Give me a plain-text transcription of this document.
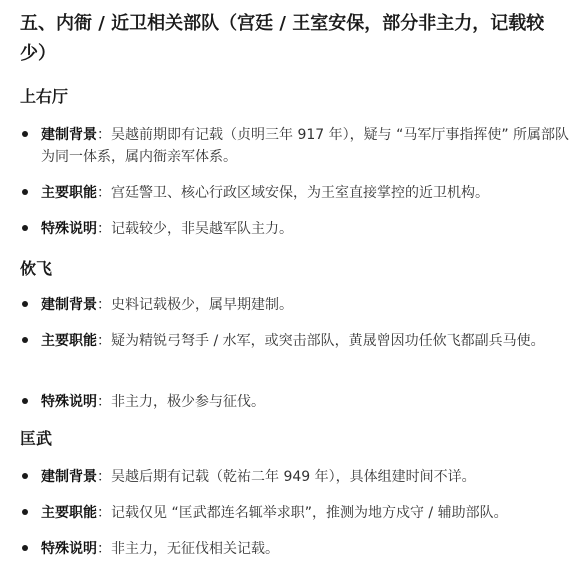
五、内衙 / 近卫相关部队（宫廷 / 王室安保，部分非主力，记载较少）
上右厅
建制背景：吴越前期即有记载（贞明三年 917 年），疑与 “马军厅事指挥使” 所属部队为同一体系，属内衙亲军体系。
主要职能：宫廷警卫、核心行政区域安保，为王室直接掌控的近卫机构。
特殊说明：记载较少，非吴越军队主力。
佽飞
建制背景：史料记载极少，属早期建制。
主要职能：疑为精锐弓弩手 / 水军，或突击部队，黄晟曾因功任佽飞都副兵马使。
特殊说明：非主力，极少参与征伐。
匡武
建制背景：吴越后期有记载（乾祐二年 949 年），具体组建时间不详。
主要职能：记载仅见 “匡武都连名辄举求职”，推测为地方戍守 / 辅助部队。
特殊说明：非主力，无征伐相关记载。
